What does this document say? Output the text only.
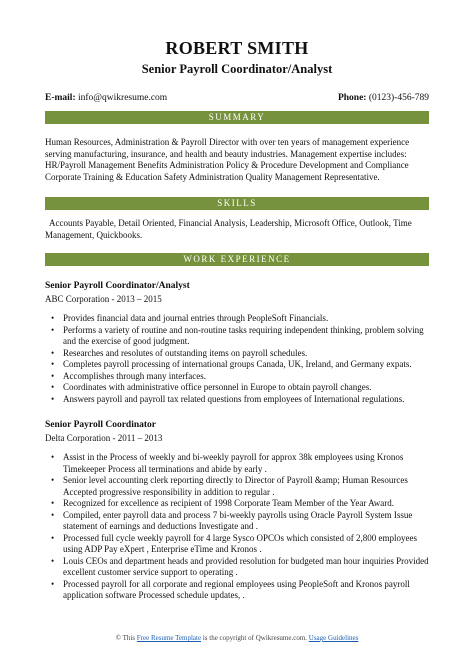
ROBERT SMITH
Senior Payroll Coordinator/Analyst
E-mail: info@qwikresume.com	Phone: (0123)-456-789
SUMMARY
Human Resources, Administration & Payroll Director with over ten years of management experience serving manufacturing, insurance, and health and beauty industries. Management expertise includes: HR/Payroll Management Benefits Administration Policy & Procedure Development and Compliance Corporate Training & Education Safety Administration Quality Management Representative.
SKILLS
Accounts Payable, Detail Oriented, Financial Analysis, Leadership, Microsoft Office, Outlook, Time Management, Quickbooks.
WORK EXPERIENCE
Senior Payroll Coordinator/Analyst
ABC Corporation - 2013 – 2015
• Provides financial data and journal entries through PeopleSoft Financials.
• Performs a variety of routine and non-routine tasks requiring independent thinking, problem solving and the exercise of good judgment.
• Researches and resolutes of outstanding items on payroll schedules.
• Completes payroll processing of international groups Canada, UK, Ireland, and Germany expats.
• Accomplishes through many interfaces.
• Coordinates with administrative office personnel in Europe to obtain payroll changes.
• Answers payroll and payroll tax related questions from employees of International regulations.
Senior Payroll Coordinator
Delta Corporation - 2011 – 2013
• Assist in the Process of weekly and bi-weekly payroll for approx 38k employees using Kronos Timekeeper Process all terminations and abide by early .
• Senior level accounting clerk reporting directly to Director of Payroll &amp; Human Resources Accepted progressive responsibility in addition to regular .
• Recognized for excellence as recipient of 1998 Corporate Team Member of the Year Award.
• Compiled, enter payroll data and process 7 bi-weekly payrolls using Oracle Payroll System Issue statement of earnings and deductions Investigate and .
• Processed full cycle weekly payroll for 4 large Sysco OPCOs which consisted of 2,800 employees using ADP Pay eXpert , Enterprise eTime and Kronos .
• Louis CEOs and department heads and provided resolution for budgeted man hour inquiries Provided excellent customer service support to operating .
• Processed payroll for all corporate and regional employees using PeopleSoft and Kronos payroll application software Processed schedule updates, .
© This Free Resume Template is the copyright of Qwikresume.com. Usage Guidelines
